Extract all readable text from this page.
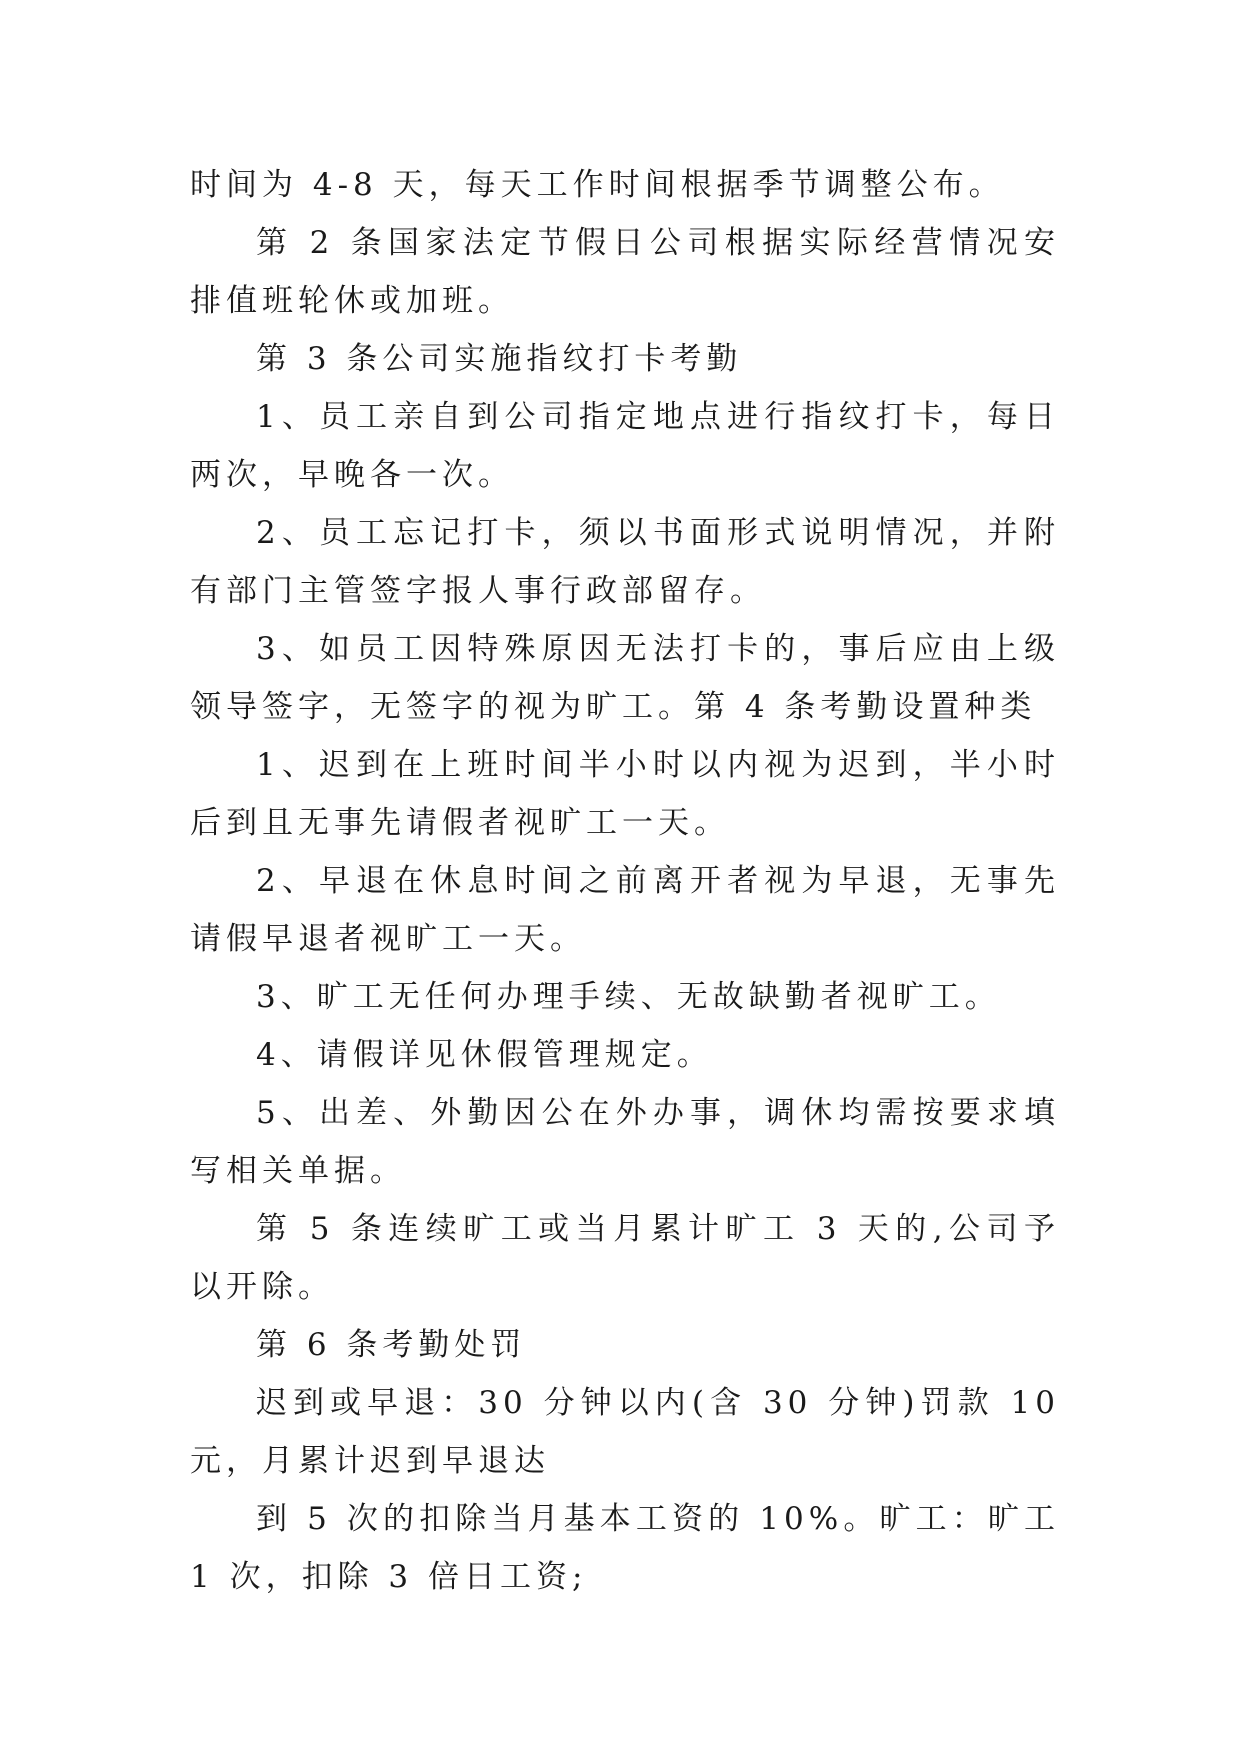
时间为 4-8 天，每天工作时间根据季节调整公布。

第 2 条国家法定节假日公司根据实际经营情况安排值班轮休或加班。

第 3 条公司实施指纹打卡考勤

1、员工亲自到公司指定地点进行指纹打卡，每日两次，早晚各一次。

2、员工忘记打卡，须以书面形式说明情况，并附有部门主管签字报人事行政部留存。

3、如员工因特殊原因无法打卡的，事后应由上级领导签字，无签字的视为旷工。第 4 条考勤设置种类

1、迟到在上班时间半小时以内视为迟到，半小时后到且无事先请假者视旷工一天。

2、早退在休息时间之前离开者视为早退，无事先请假早退者视旷工一天。

3、旷工无任何办理手续、无故缺勤者视旷工。

4、请假详见休假管理规定。

5、出差、外勤因公在外办事，调休均需按要求填写相关单据。

第 5 条连续旷工或当月累计旷工 3 天的,公司予以开除。

第 6 条考勤处罚

迟到或早退：30 分钟以内(含 30 分钟)罚款 10 元，月累计迟到早退达

到 5 次的扣除当月基本工资的 10%。旷工：旷工 1 次，扣除 3 倍日工资;
